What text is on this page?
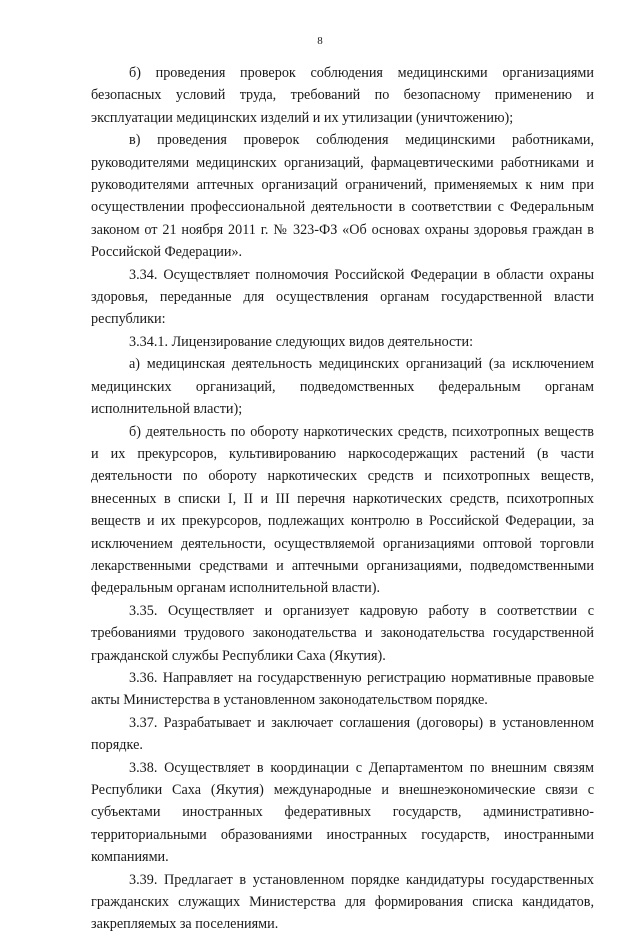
8

б) проведения проверок соблюдения медицинскими организациями безопасных условий труда, требований по безопасному применению и эксплуатации медицинских изделий и их утилизации (уничтожению);

в) проведения проверок соблюдения медицинскими работниками, руководителями медицинских организаций, фармацевтическими работниками и руководителями аптечных организаций ограничений, применяемых к ним при осуществлении профессиональной деятельности в соответствии с Федеральным законом от 21 ноября 2011 г. № 323-ФЗ «Об основах охраны здоровья граждан в Российской Федерации».

3.34. Осуществляет полномочия Российской Федерации в области охраны здоровья, переданные для осуществления органам государственной власти республики:

3.34.1. Лицензирование следующих видов деятельности:

а) медицинская деятельность медицинских организаций (за исключением медицинских организаций, подведомственных федеральным органам исполнительной власти);

б) деятельность по обороту наркотических средств, психотропных веществ и их прекурсоров, культивированию наркосодержащих растений (в части деятельности по обороту наркотических средств и психотропных веществ, внесенных в списки I, II и III перечня наркотических средств, психотропных веществ и их прекурсоров, подлежащих контролю в Российской Федерации, за исключением деятельности, осуществляемой организациями оптовой торговли лекарственными средствами и аптечными организациями, подведомственными федеральным органам исполнительной власти).

3.35. Осуществляет и организует кадровую работу в соответствии с требованиями трудового законодательства и законодательства государственной гражданской службы Республики Саха (Якутия).

3.36. Направляет на государственную регистрацию нормативные правовые акты Министерства в установленном законодательством порядке.

3.37. Разрабатывает и заключает соглашения (договоры) в установленном порядке.

3.38. Осуществляет в координации с Департаментом по внешним связям Республики Саха (Якутия) международные и внешнеэкономические связи с субъектами иностранных федеративных государств, административно-территориальными образованиями иностранных государств, иностранными компаниями.

3.39. Предлагает в установленном порядке кандидатуры государственных гражданских служащих Министерства для формирования списка кандидатов, закрепляемых за поселениями.
